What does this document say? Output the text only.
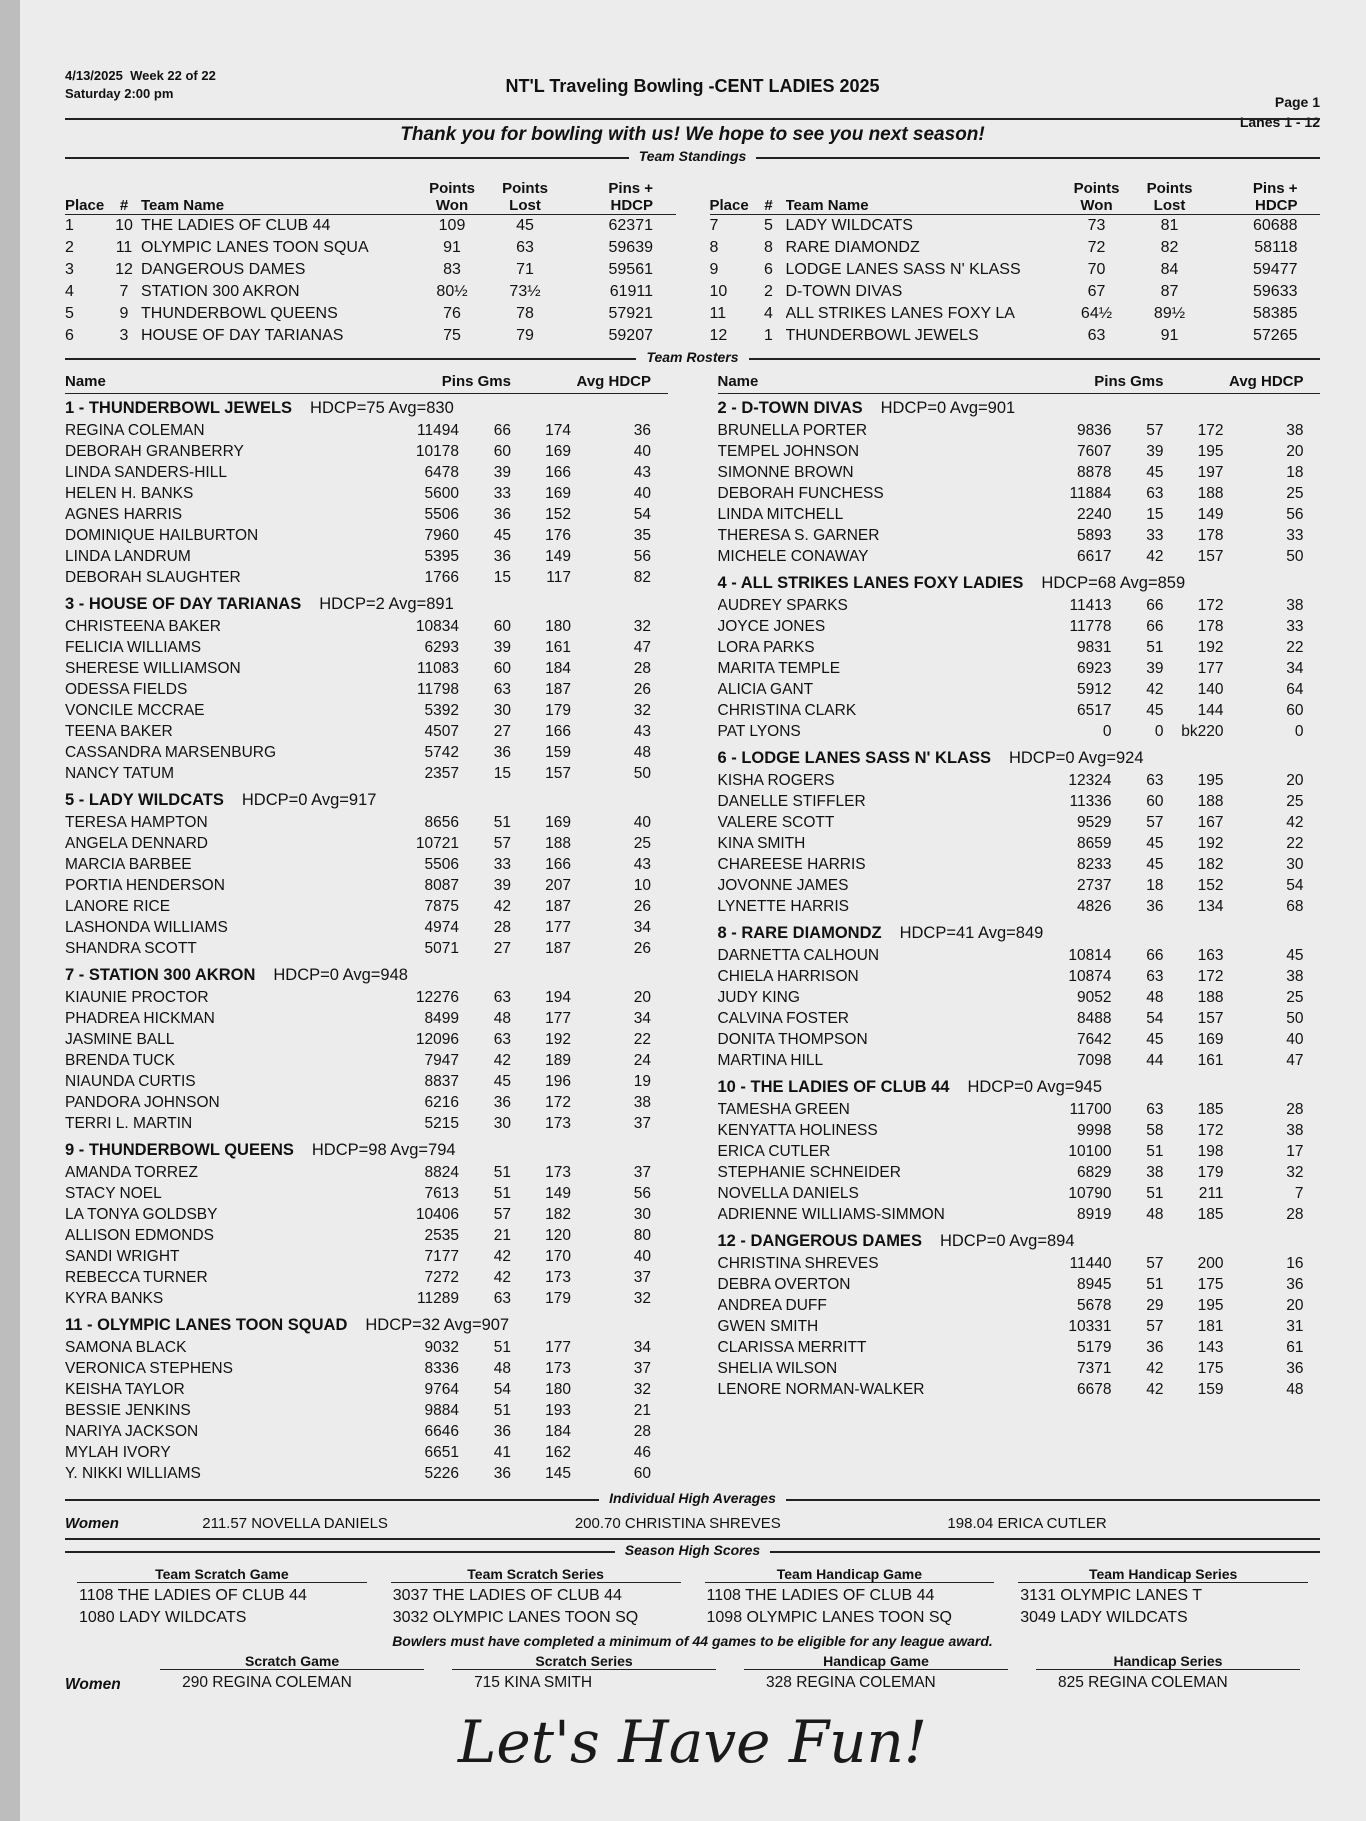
4/13/2025 Week 22 of 22
Saturday 2:00 pm	NT'L Traveling Bowling -CENT LADIES 2025
Page 1
Lanes 1 - 12
Thank you for bowling with us! We hope to see you next season!
Team Standings
Place	# Team Name
Points Won
Points Lost
Pins + HDCP
1	10 THE LADIES OF CLUB 44	109	45	62371
2	11 OLYMPIC LANES TOON SQUA	91	63	59639
3	12 DANGEROUS DAMES	83	71	59561
4	7 STATION 300 AKRON	80½	73½	61911
5	9 THUNDERBOWL QUEENS	76	78	57921
6	3 HOUSE OF DAY TARIANAS	75	79	59207
Place	# Team Name
Points Won
Points Lost
Pins + HDCP
7	5 LADY WILDCATS	73	81	60688
8	8 RARE DIAMONDZ	72	82	58118
9	6 LODGE LANES SASS N' KLASS	70	84	59477
10	2 D-TOWN DIVAS	67	87	59633
11	4 ALL STRIKES LANES FOXY LA	64½	89½	58385
12	1 THUNDERBOWL JEWELS	63	91	57265
Team Rosters
Name	Pins Gms	Avg HDCP
1 - THUNDERBOWL JEWELS HDCP=75 Avg=830
REGINA COLEMAN	11494	66	174	36
DEBORAH GRANBERRY	10178	60	169	40
LINDA SANDERS-HILL	6478	39	166	43
HELEN H. BANKS	5600	33	169	40
AGNES HARRIS	5506	36	152	54
DOMINIQUE HAILBURTON	7960	45	176	35
LINDA LANDRUM	5395	36	149	56
DEBORAH SLAUGHTER	1766	15	117	82
3 - HOUSE OF DAY TARIANAS HDCP=2 Avg=891
CHRISTEENA BAKER	10834	60	180	32
FELICIA WILLIAMS	6293	39	161	47
SHERESE WILLIAMSON	11083	60	184	28
ODESSA FIELDS	11798	63	187	26
VONCILE MCCRAE	5392	30	179	32
TEENA BAKER	4507	27	166	43
CASSANDRA MARSENBURG	5742	36	159	48
NANCY TATUM	2357	15	157	50
5 - LADY WILDCATS HDCP=0 Avg=917
TERESA HAMPTON	8656	51	169	40
ANGELA DENNARD	10721	57	188	25
MARCIA BARBEE	5506	33	166	43
PORTIA HENDERSON	8087	39	207	10
LANORE RICE	7875	42	187	26
LASHONDA WILLIAMS	4974	28	177	34
SHANDRA SCOTT	5071	27	187	26
7 - STATION 300 AKRON HDCP=0 Avg=948
KIAUNIE PROCTOR	12276	63	194	20
PHADREA HICKMAN	8499	48	177	34
JASMINE BALL	12096	63	192	22
BRENDA TUCK	7947	42	189	24
NIAUNDA CURTIS	8837	45	196	19
PANDORA JOHNSON	6216	36	172	38
TERRI L. MARTIN	5215	30	173	37
9 - THUNDERBOWL QUEENS HDCP=98 Avg=794
AMANDA TORREZ	8824	51	173	37
STACY NOEL	7613	51	149	56
LA TONYA GOLDSBY	10406	57	182	30
ALLISON EDMONDS	2535	21	120	80
SANDI WRIGHT	7177	42	170	40
REBECCA TURNER	7272	42	173	37
KYRA BANKS	11289	63	179	32
11 - OLYMPIC LANES TOON SQUAD HDCP=32 Avg=907
SAMONA BLACK	9032	51	177	34
VERONICA STEPHENS	8336	48	173	37
KEISHA TAYLOR	9764	54	180	32
BESSIE JENKINS	9884	51	193	21
NARIYA JACKSON	6646	36	184	28
MYLAH IVORY	6651	41	162	46
Y. NIKKI WILLIAMS	5226	36	145	60
Name	Pins Gms	Avg HDCP
2 - D-TOWN DIVAS HDCP=0 Avg=901
BRUNELLA PORTER	9836	57	172	38
TEMPEL JOHNSON	7607	39	195	20
SIMONNE BROWN	8878	45	197	18
DEBORAH FUNCHESS	11884	63	188	25
LINDA MITCHELL	2240	15	149	56
THERESA S. GARNER	5893	33	178	33
MICHELE CONAWAY	6617	42	157	50
4 - ALL STRIKES LANES FOXY LADIES HDCP=68 Avg=859
AUDREY SPARKS	11413	66	172	38
JOYCE JONES	11778	66	178	33
LORA PARKS	9831	51	192	22
MARITA TEMPLE	6923	39	177	34
ALICIA GANT	5912	42	140	64
CHRISTINA CLARK	6517	45	144	60
PAT LYONS	0	0	bk220	0
6 - LODGE LANES SASS N' KLASS HDCP=0 Avg=924
KISHA ROGERS	12324	63	195	20
DANELLE STIFFLER	11336	60	188	25
VALERE SCOTT	9529	57	167	42
KINA SMITH	8659	45	192	22
CHAREESE HARRIS	8233	45	182	30
JOVONNE JAMES	2737	18	152	54
LYNETTE HARRIS	4826	36	134	68
8 - RARE DIAMONDZ HDCP=41 Avg=849
DARNETTA CALHOUN	10814	66	163	45
CHIELA HARRISON	10874	63	172	38
JUDY KING	9052	48	188	25
CALVINA FOSTER	8488	54	157	50
DONITA THOMPSON	7642	45	169	40
MARTINA HILL	7098	44	161	47
10 - THE LADIES OF CLUB 44 HDCP=0 Avg=945
TAMESHA GREEN	11700	63	185	28
KENYATTA HOLINESS	9998	58	172	38
ERICA CUTLER	10100	51	198	17
STEPHANIE SCHNEIDER	6829	38	179	32
NOVELLA DANIELS	10790	51	211	7
ADRIENNE WILLIAMS-SIMMON	8919	48	185	28
12 - DANGEROUS DAMES HDCP=0 Avg=894
CHRISTINA SHREVES	11440	57	200	16
DEBRA OVERTON	8945	51	175	36
ANDREA DUFF	5678	29	195	20
GWEN SMITH	10331	57	181	31
CLARISSA MERRITT	5179	36	143	61
SHELIA WILSON	7371	42	175	36
LENORE NORMAN-WALKER	6678	42	159	48
Individual High Averages
Women	211.57 NOVELLA DANIELS	200.70 CHRISTINA SHREVES	198.04 ERICA CUTLER
Season High Scores
Team Scratch Game
1108 THE LADIES OF CLUB 44
1080 LADY WILDCATS
Team Scratch Series
3037 THE LADIES OF CLUB 44
3032 OLYMPIC LANES TOON SQ
Team Handicap Game
1108 THE LADIES OF CLUB 44
1098 OLYMPIC LANES TOON SQ
Team Handicap Series
3131 OLYMPIC LANES T
3049 LADY WILDCATS
Bowlers must have completed a minimum of 44 games to be eligible for any league award.
Women
Scratch Game
290 REGINA COLEMAN
Scratch Series
715 KINA SMITH
Handicap Game
328 REGINA COLEMAN
Handicap Series
825 REGINA COLEMAN
Let's Have Fun!
